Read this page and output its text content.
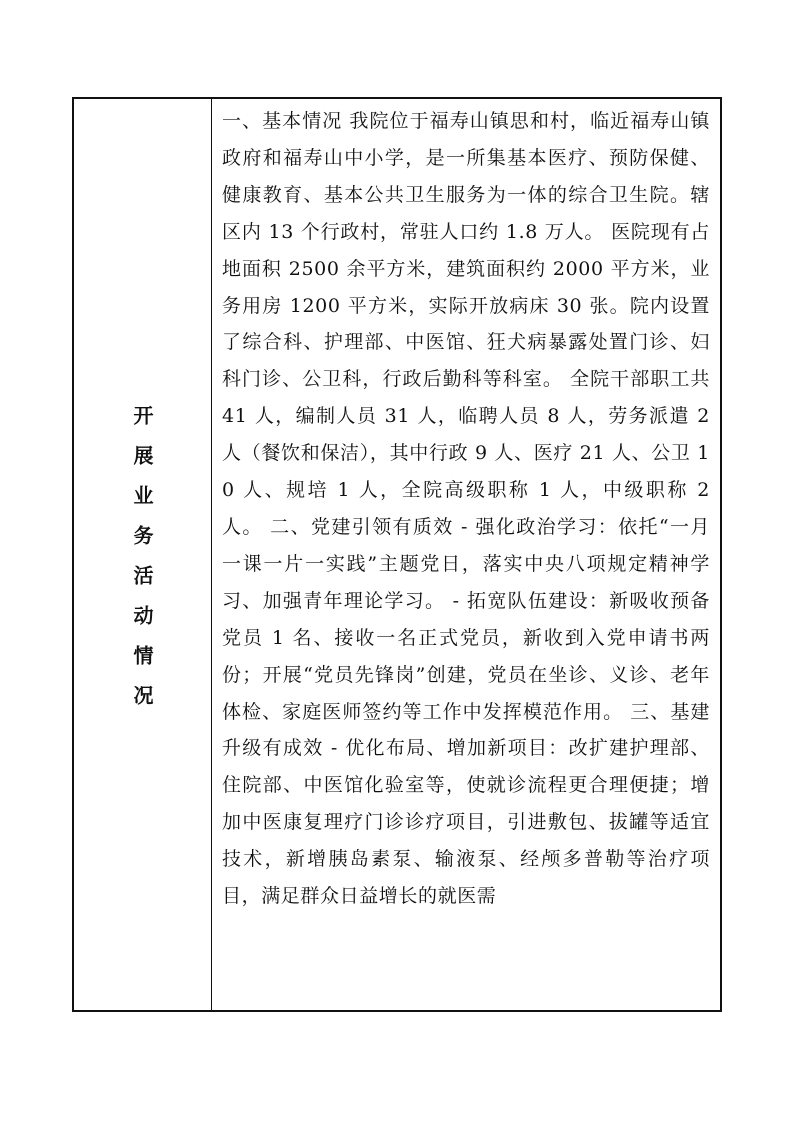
开展业务活动情况

一、基本情况 我院位于福寿山镇思和村，临近福寿山镇政府和福寿山中小学，是一所集基本医疗、预防保健、健康教育、基本公共卫生服务为一体的综合卫生院。辖区内 13 个行政村，常驻人口约 1.8 万人。 医院现有占地面积 2500 余平方米，建筑面积约 2000 平方米，业务用房 1200 平方米，实际开放病床 30 张。院内设置了综合科、护理部、中医馆、狂犬病暴露处置门诊、妇科门诊、公卫科，行政后勤科等科室。 全院干部职工共 41 人，编制人员 31 人，临聘人员 8 人，劳务派遣 2 人（餐饮和保洁），其中行政 9 人、医疗 21 人、公卫 10 人、规培 1 人，全院高级职称 1 人，中级职称 2 人。 二、党建引领有质效 - 强化政治学习：依托“一月一课一片一实践”主题党日，落实中央八项规定精神学习、加强青年理论学习。 - 拓宽队伍建设：新吸收预备党员 1 名、接收一名正式党员，新收到入党申请书两份；开展“党员先锋岗”创建，党员在坐诊、义诊、老年体检、家庭医师签约等工作中发挥模范作用。 三、基建升级有成效 - 优化布局、增加新项目：改扩建护理部、住院部、中医馆化验室等，使就诊流程更合理便捷；增加中医康复理疗门诊诊疗项目，引进敷包、拔罐等适宜技术，新增胰岛素泵、输液泵、经颅多普勒等治疗项目，满足群众日益增长的就医需
